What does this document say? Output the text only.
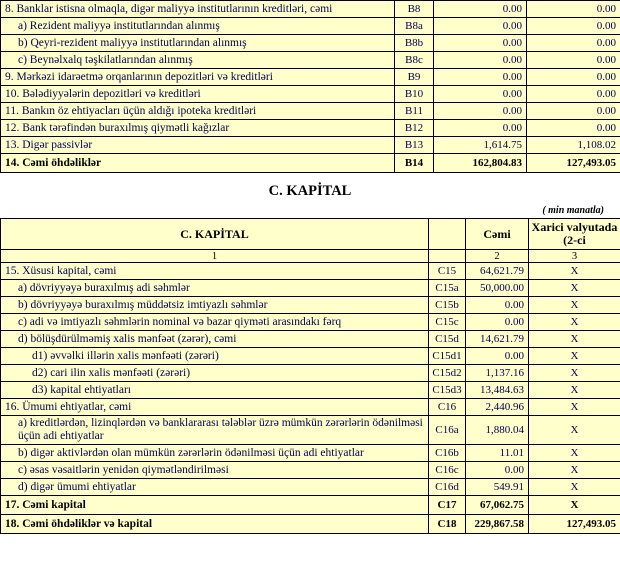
8. Banklar istisna olmaqla, digər maliyyə institutlarının kreditləri, cəmi	B8	0.00	0.00

a) Rezident maliyyə institutlarından alınmış	B8a	0.00	0.00

b) Qeyri-rezident maliyyə institutlarından alınmış	B8b	0.00	0.00

c) Beynəlxalq təşkilatlarından alınmış	B8c	0.00	0.00

9. Mərkəzi idarəetmə orqanlarının depozitləri və kreditləri	B9	0.00	0.00

10. Bələdiyyələrin depozitləri və kreditləri	B10	0.00	0.00

11. Bankın öz ehtiyacları üçün aldığı ipoteka kreditləri	B11	0.00	0.00

12. Bank tərəfindən buraxılmış qiymətli kağızlar	B12	0.00	0.00

13. Digər passivlər	B13	1,614.75	1,108.02

14. Cəmi öhdəliklər	B14	162,804.83	127,493.05
C. KAPİTAL
( min manatla)
C. KAPİTAL		Cəmi	Xarici valyutada (2-ci
1		2	3

15. Xüsusi kapital, cəmi	C15	64,621.79	X

a) dövriyyəyə buraxılmış adi səhmlər	C15a	50,000.00	X

b) dövriyyəyə buraxılmış müddətsiz imtiyazlı səhmlər	C15b	0.00	X

c) adi və imtiyazlı səhmlərin nominal və bazar qiyməti arasındakı fərq	C15c	0.00	X

d) bölüşdürülməmiş xalis mənfəət (zərər), cəmi	C15d	14,621.79	X

d1) əvvəlki illərin xalis mənfəəti (zərəri)	C15d1	0.00	X

d2) cari ilin xalis mənfəəti (zərəri)	C15d2	1,137.16	X

d3) kapital ehtiyatları	C15d3	13,484.63	X

16. Ümumi ehtiyatlar, cəmi	C16	2,440.96	X

a) kreditlərdən, lizinqlərdən və banklararası tələblər üzrə mümkün zərərlərin ödənilməsi üçün adi ehtiyatlar	C16a	1,880.04	X

b) digər aktivlərdən olan mümkün zərərlərin ödənilməsi üçün adi ehtiyatlar	C16b	11.01	X

c) əsas vəsaitlərin yenidən qiymətləndirilməsi	C16c	0.00	X

d) digər ümumi ehtiyatlar	C16d	549.91	X

17. Cəmi kapital	C17	67,062.75	X

18. Cəmi öhdəliklər və kapital	C18	229,867.58	127,493.05
